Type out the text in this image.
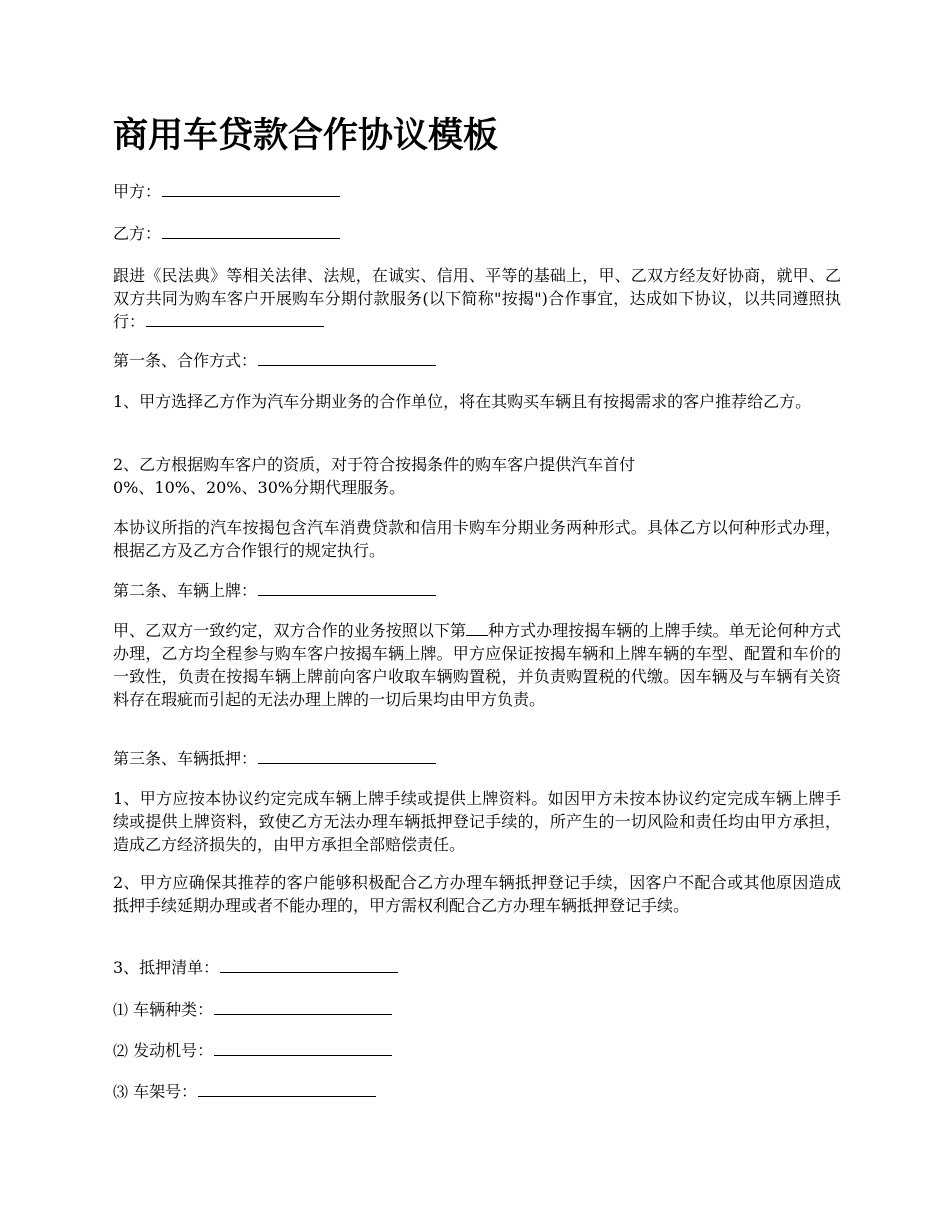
商用车贷款合作协议模板

甲方：

乙方：

跟进《民法典》等相关法律、法规，在诚实、信用、平等的基础上，甲、乙双方经友好协商，就甲、乙双方共同为购车客户开展购车分期付款服务(以下简称"按揭")合作事宜，达成如下协议，以共同遵照执行：

第一条、合作方式：

1、甲方选择乙方作为汽车分期业务的合作单位，将在其购买车辆且有按揭需求的客户推荐给乙方。

2、乙方根据购车客户的资质，对于符合按揭条件的购车客户提供汽车首付

0%、10%、20%、30%分期代理服务。

本协议所指的汽车按揭包含汽车消费贷款和信用卡购车分期业务两种形式。具体乙方以何种形式办理，根据乙方及乙方合作银行的规定执行。

第二条、车辆上牌：

甲、乙双方一致约定，双方合作的业务按照以下第 种方式办理按揭车辆的上牌手续。单无论何种方式办理，乙方均全程参与购车客户按揭车辆上牌。甲方应保证按揭车辆和上牌车辆的车型、配置和车价的一致性，负责在按揭车辆上牌前向客户收取车辆购置税，并负责购置税的代缴。因车辆及与车辆有关资料存在瑕疵而引起的无法办理上牌的一切后果均由甲方负责。

第三条、车辆抵押：

1、甲方应按本协议约定完成车辆上牌手续或提供上牌资料。如因甲方未按本协议约定完成车辆上牌手续或提供上牌资料，致使乙方无法办理车辆抵押登记手续的，所产生的一切风险和责任均由甲方承担，造成乙方经济损失的，由甲方承担全部赔偿责任。

2、甲方应确保其推荐的客户能够积极配合乙方办理车辆抵押登记手续，因客户不配合或其他原因造成抵押手续延期办理或者不能办理的，甲方需权利配合乙方办理车辆抵押登记手续。

3、抵押清单：

⑴ 车辆种类：

⑵ 发动机号：

⑶ 车架号：
